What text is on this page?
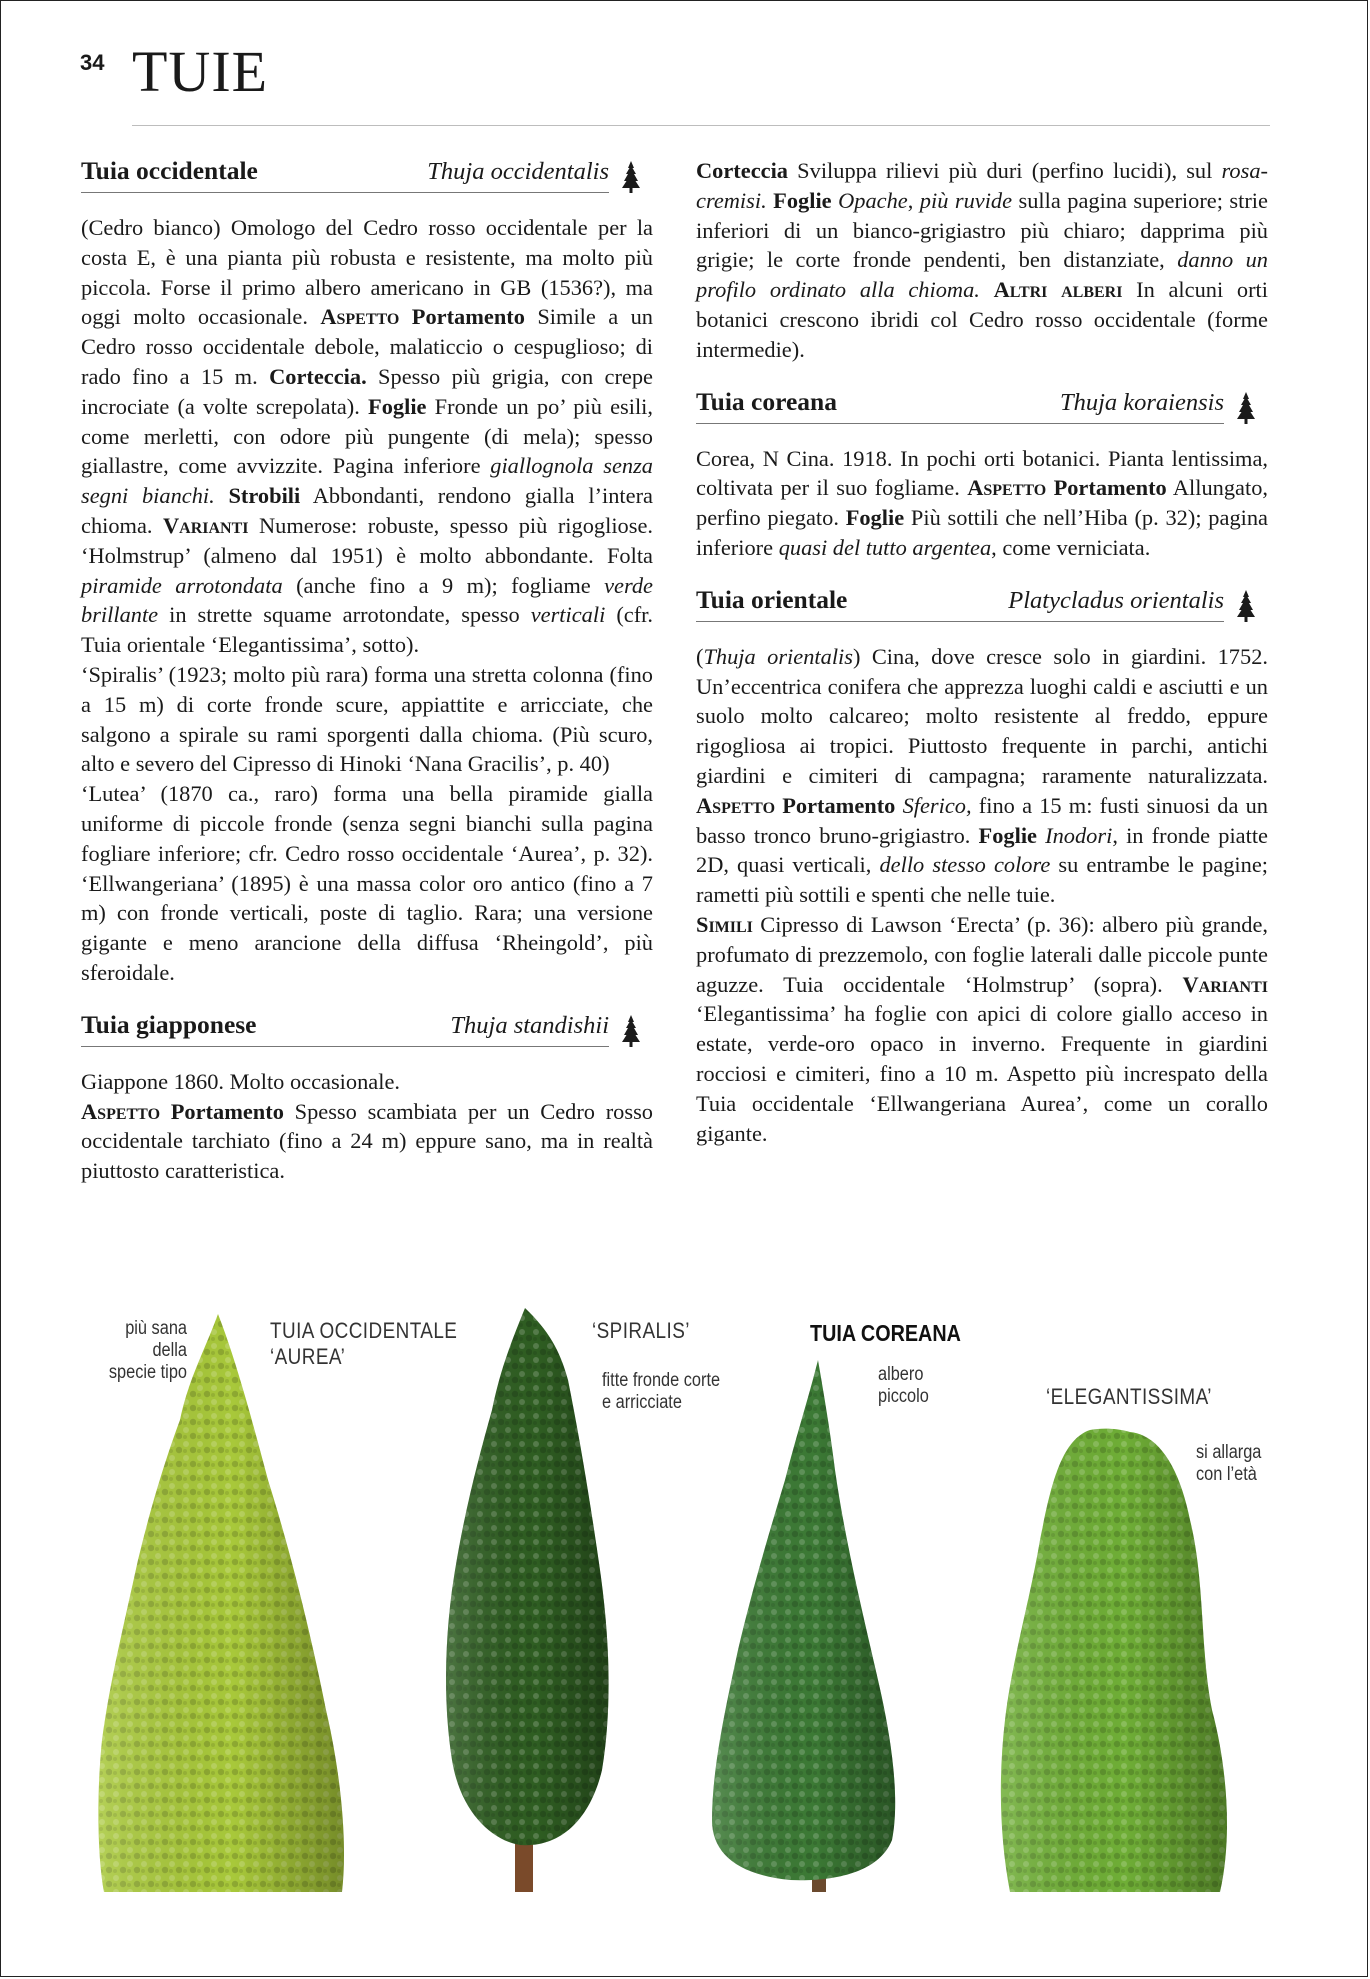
34 TUIE
Tuia occidentale	Thuja occidentalis

(Cedro bianco) Omologo del Cedro rosso occidentale per la costa E, è una pianta più robusta e resistente, ma molto più piccola. Forse il primo albero americano in GB (1536?), ma oggi molto occasionale. Aspetto Portamento Simile a un Cedro rosso occidentale debole, malaticcio o cespuglioso; di rado fino a 15 m. Corteccia. Spesso più grigia, con crepe incrociate (a volte screpolata). Foglie Fronde un po’ più esili, come merletti, con odore più pungente (di mela); spesso giallastre, come avvizzite. Pagina inferiore giallognola senza segni bianchi. Strobili Abbondanti, rendono gialla l’intera chioma. Varianti Numerose: robuste, spesso più rigogliose. ‘Holmstrup’ (almeno dal 1951) è molto abbondante. Folta piramide arrotondata (anche fino a 9 m); fogliame verde brillante in strette squame arrotondate, spesso verticali (cfr. Tuia orientale ‘Elegantissima’, sotto).

‘Spiralis’ (1923; molto più rara) forma una stretta colonna (fino a 15 m) di corte fronde scure, appiattite e arricciate, che salgono a spirale su rami sporgenti dalla chioma. (Più scuro, alto e severo del Cipresso di Hinoki ‘Nana Gracilis’, p. 40)

‘Lutea’ (1870 ca., raro) forma una bella piramide gialla uniforme di piccole fronde (senza segni bianchi sulla pagina fogliare inferiore; cfr. Cedro rosso occidentale ‘Aurea’, p. 32). ‘Ellwangeriana’ (1895) è una massa color oro antico (fino a 7 m) con fronde verticali, poste di taglio. Rara; una versione gigante e meno arancione della diffusa ‘Rheingold’, più sferoidale.

Tuia giapponese	Thuja standishii

Giappone 1860. Molto occasionale.

Aspetto Portamento Spesso scambiata per un Cedro rosso occidentale tarchiato (fino a 24 m) eppure sano, ma in realtà piuttosto caratteristica.

Corteccia Sviluppa rilievi più duri (perfino lucidi), sul rosa-cremisi. Foglie Opache, più ruvide sulla pagina superiore; strie inferiori di un bianco-grigiastro più chiaro; dapprima più grigie; le corte fronde pendenti, ben distanziate, danno un profilo ordinato alla chioma. Altri alberi In alcuni orti botanici crescono ibridi col Cedro rosso occidentale (forme intermedie).

Tuia coreana	Thuja koraiensis

Corea, N Cina. 1918. In pochi orti botanici. Pianta lentissima, coltivata per il suo fogliame. Aspetto Portamento Allungato, perfino piegato. Foglie Più sottili che nell’Hiba (p. 32); pagina inferiore quasi del tutto argentea, come verniciata.

Tuia orientale	Platycladus orientalis

(Thuja orientalis) Cina, dove cresce solo in giardini. 1752. Un’eccentrica conifera che apprezza luoghi caldi e asciutti e un suolo molto calcareo; molto resistente al freddo, eppure rigogliosa ai tropici. Piuttosto frequente in parchi, antichi giardini e cimiteri di campagna; raramente naturalizzata. Aspetto Portamento Sferico, fino a 15 m: fusti sinuosi da un basso tronco bruno-grigiastro. Foglie Inodori, in fronde piatte 2D, quasi verticali, dello stesso colore su entrambe le pagine; rametti più sottili e spenti che nelle tuie.

Simili Cipresso di Lawson ‘Erecta’ (p. 36): albero più grande, profumato di prezzemolo, con foglie laterali dalle piccole punte aguzze. Tuia occidentale ‘Holmstrup’ (sopra). Varianti ‘Elegantissima’ ha foglie con apici di colore giallo acceso in estate, verde-oro opaco in inverno. Frequente in giardini rocciosi e cimiteri, fino a 10 m. Aspetto più increspato della Tuia occidentale ‘Ellwangeriana Aurea’, come un corallo gigante.

più sana
della
specie tipo
TUIA OCCIDENTALE
‘AUREA’
‘SPIRALIS’
fitte fronde corte
e arricciate
TUIA COREANA
albero
piccolo	‘ELEGANTISSIMA’
si allarga
con l’età
